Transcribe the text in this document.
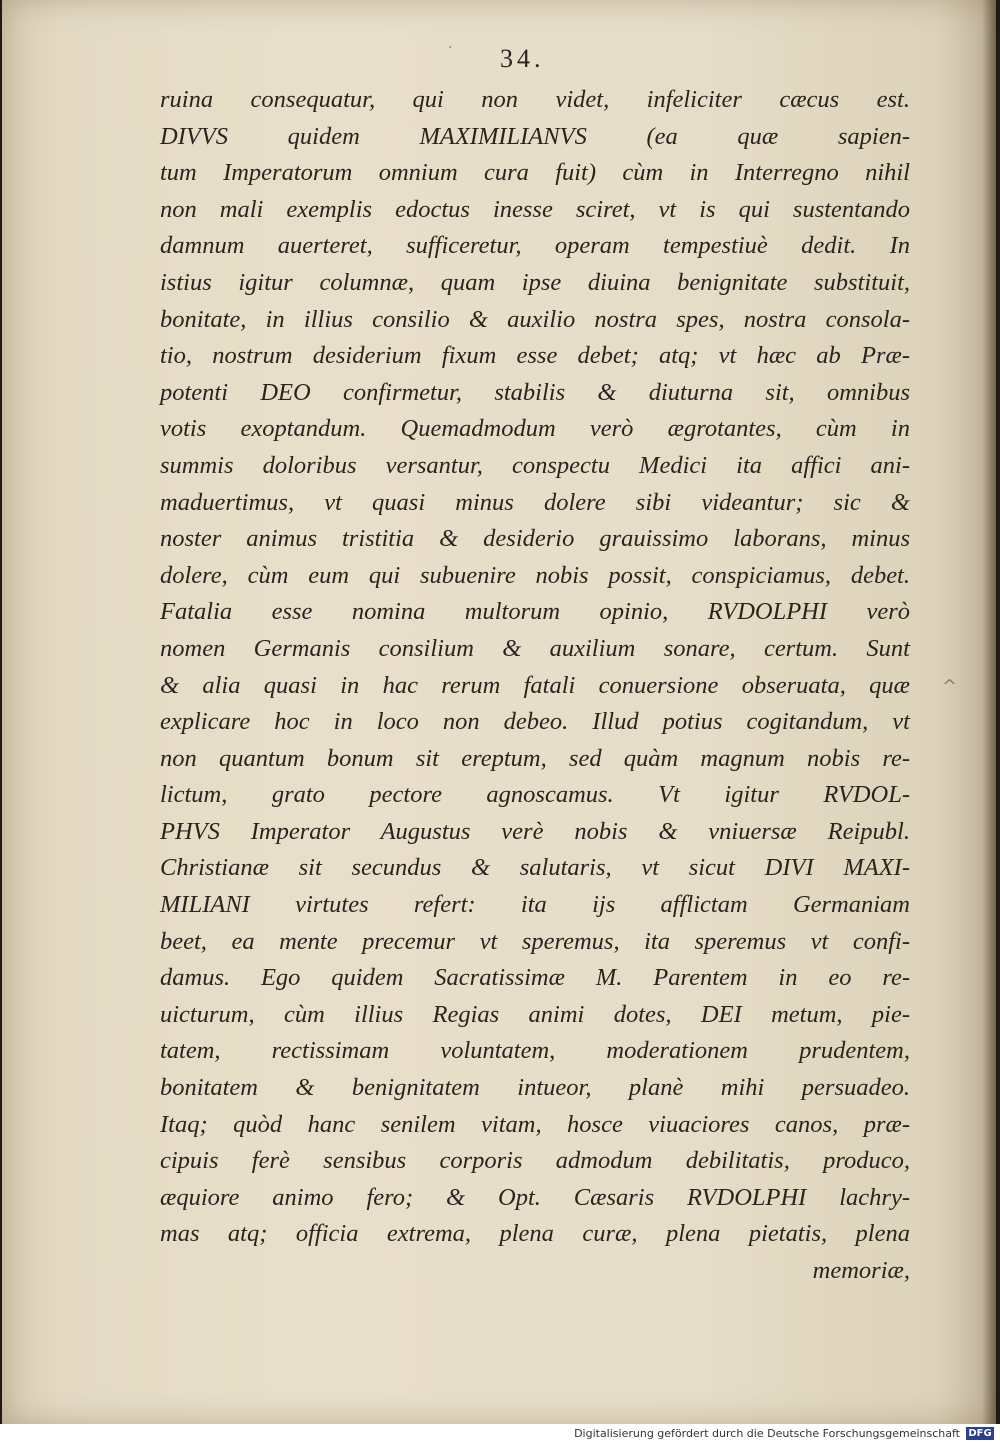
34.
·
^
ruina consequatur, qui non videt, infeliciter cæcus est.
DIVVS quidem MAXIMILIANVS (ea quæ sapien-
tum Imperatorum omnium cura fuit) cùm in Interregno nihil
non mali exemplis edoctus inesse sciret, vt is qui sustentando
damnum auerteret, sufficeretur, operam tempestiuè dedit. In
istius igitur columnæ, quam ipse diuina benignitate substituit,
bonitate, in illius consilio & auxilio nostra spes, nostra consola-
tio, nostrum desiderium fixum esse debet; atq; vt hæc ab Præ-
potenti DEO confirmetur, stabilis & diuturna sit, omnibus
votis exoptandum. Quemadmodum verò ægrotantes, cùm in
summis doloribus versantur, conspectu Medici ita affici ani-
maduertimus, vt quasi minus dolere sibi videantur; sic &
noster animus tristitia & desiderio grauissimo laborans, minus
dolere, cùm eum qui subuenire nobis possit, conspiciamus, debet.
Fatalia esse nomina multorum opinio, RVDOLPHI verò
nomen Germanis consilium & auxilium sonare, certum. Sunt
& alia quasi in hac rerum fatali conuersione obseruata, quæ
explicare hoc in loco non debeo. Illud potius cogitandum, vt
non quantum bonum sit ereptum, sed quàm magnum nobis re-
lictum, grato pectore agnoscamus. Vt igitur RVDOL-
PHVS Imperator Augustus verè nobis & vniuersæ Reipubl.
Christianæ sit secundus & salutaris, vt sicut DIVI MAXI-
MILIANI virtutes refert: ita ijs afflictam Germaniam
beet, ea mente precemur vt speremus, ita speremus vt confi-
damus. Ego quidem Sacratissimæ M. Parentem in eo re-
uicturum, cùm illius Regias animi dotes, DEI metum, pie-
tatem, rectissimam voluntatem, moderationem prudentem,
bonitatem & benignitatem intueor, planè mihi persuadeo.
Itaq; quòd hanc senilem vitam, hosce viuaciores canos, præ-
cipuis ferè sensibus corporis admodum debilitatis, produco,
æquiore animo fero; & Opt. Cæsaris RVDOLPHI lachry-
mas atq; officia extrema, plena curæ, plena pietatis, plena
memoriæ,
Digitalisierung gefördert durch die Deutsche Forschungsgemeinschaft DFG
